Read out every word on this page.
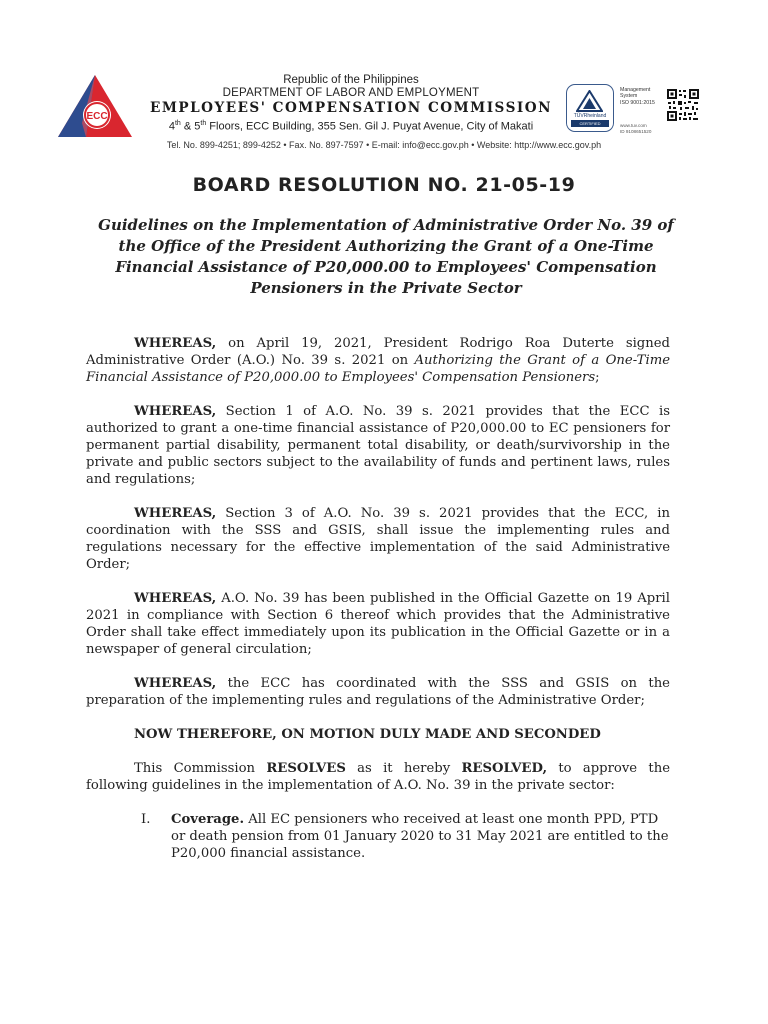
ECC
Republic of the Philippines
DEPARTMENT OF LABOR AND EMPLOYMENT
EMPLOYEES' COMPENSATION COMMISSION
4th & 5th Floors, ECC Building, 355 Sen. Gil J. Puyat Avenue, City of Makati
TÜVRheinland
CERTIFIED
Management
System
ISO 9001:2015
www.tuv.com
ID 9108651520
Tel. No. 899-4251; 899-4252 • Fax. No. 897-7597 • E-mail: info@ecc.gov.ph • Website: http://www.ecc.gov.ph
BOARD RESOLUTION NO. 21-05-19
Guidelines on the Implementation of Administrative Order No. 39 of the Office of the President Authorizing the Grant of a One-Time Financial Assistance of P20,000.00 to Employees' Compensation Pensioners in the Private Sector

WHEREAS, on April 19, 2021, President Rodrigo Roa Duterte signed Administrative Order (A.O.) No. 39 s. 2021 on Authorizing the Grant of a One-Time Financial Assistance of P20,000.00 to Employees' Compensation Pensioners;

WHEREAS, Section 1 of A.O. No. 39 s. 2021 provides that the ECC is authorized to grant a one-time financial assistance of P20,000.00 to EC pensioners for permanent partial disability, permanent total disability, or death/survivorship in the private and public sectors subject to the availability of funds and pertinent laws, rules and regulations;

WHEREAS, Section 3 of A.O. No. 39 s. 2021 provides that the ECC, in coordination with the SSS and GSIS, shall issue the implementing rules and regulations necessary for the effective implementation of the said Administrative Order;

WHEREAS, A.O. No. 39 has been published in the Official Gazette on 19 April 2021 in compliance with Section 6 thereof which provides that the Administrative Order shall take effect immediately upon its publication in the Official Gazette or in a newspaper of general circulation;

WHEREAS, the ECC has coordinated with the SSS and GSIS on the preparation of the implementing rules and regulations of the Administrative Order;

NOW THEREFORE, ON MOTION DULY MADE AND SECONDED

This Commission RESOLVES as it hereby RESOLVED, to approve the following guidelines in the implementation of A.O. No. 39 in the private sector:

I. Coverage. All EC pensioners who received at least one month PPD, PTD or death pension from 01 January 2020 to 31 May 2021 are entitled to the P20,000 financial assistance.
